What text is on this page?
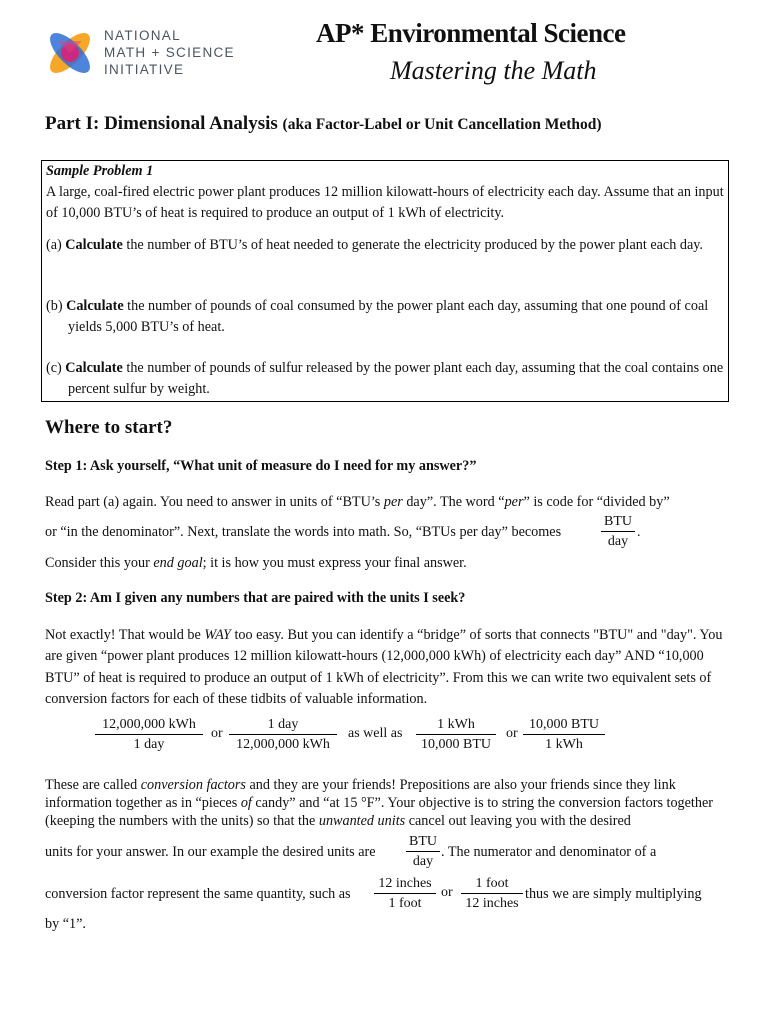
NATIONAL
MATH + SCIENCE
INITIATIVE
AP* Environmental Science
Mastering the Math
Part I: Dimensional Analysis (aka Factor-Label or Unit Cancellation Method)
Sample Problem 1
A large, coal-fired electric power plant produces 12 million kilowatt-hours of electricity each day. Assume that an input of 10,000 BTU’s of heat is required to produce an output of 1 kWh of electricity.
(a) Calculate the number of BTU’s of heat needed to generate the electricity produced by the power plant each day.
(b) Calculate the number of pounds of coal consumed by the power plant each day, assuming that one pound of coal yields 5,000 BTU’s of heat.
(c) Calculate the number of pounds of sulfur released by the power plant each day, assuming that the coal contains one percent sulfur by weight.
Where to start?
Step 1: Ask yourself, “What unit of measure do I need for my answer?”
Read part (a) again. You need to answer in units of “BTU’s per day”. The word “per” is code for “divided by”
or “in the denominator”. Next, translate the words into math. So, “BTUs per day” becomes
BTU
day
.
Consider this your end goal; it is how you must express your final answer.
Step 2: Am I given any numbers that are paired with the units I seek?
Not exactly! That would be WAY too easy. But you can identify a “bridge” of sorts that connects "BTU" and "day". You are given “power plant produces 12 million kilowatt-hours (12,000,000 kWh) of electricity each day” AND “10,000 BTU” of heat is required to produce an output of 1 kWh of electricity”. From this we can write two equivalent sets of conversion factors for each of these tidbits of valuable information.
12,000,000 kWh
1 day
or
1 day
12,000,000 kWh
as well as
1 kWh
10,000 BTU
or
10,000 BTU
1 kWh
These are called conversion factors and they are your friends! Prepositions are also your friends since they link information together as in “pieces of candy” and “at 15 °F”. Your objective is to string the conversion factors together (keeping the numbers with the units) so that the unwanted units cancel out leaving you with the desired
units for your answer. In our example the desired units are
BTU
day
. The numerator and denominator of a
conversion factor represent the same quantity, such as
12 inches
1 foot
or
1 foot
12 inches
thus we are simply multiplying
by “1”.
